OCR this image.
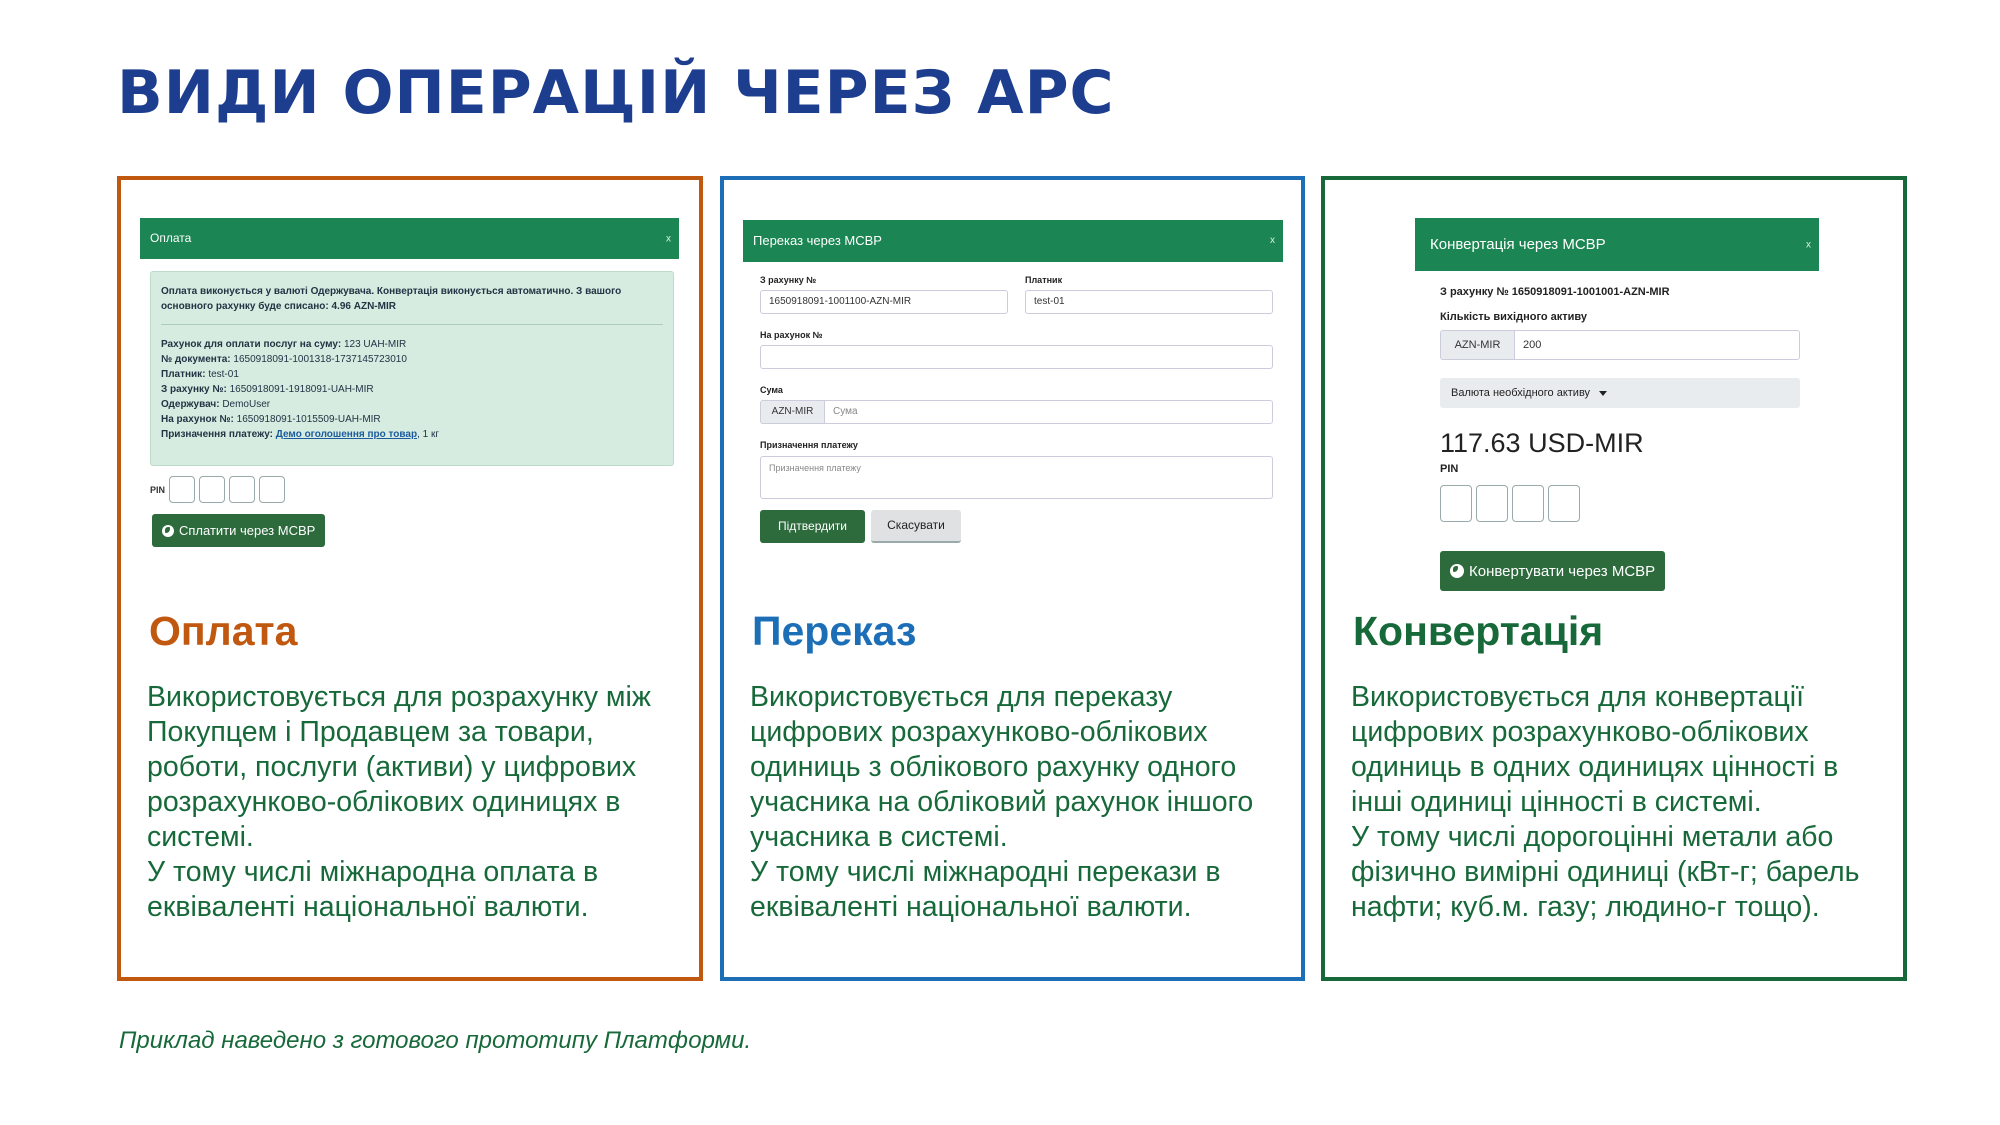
ВИДИ ОПЕРАЦІЙ ЧЕРЕЗ АРС
Оплата

Використовується для розрахунку між Покупцем і Продавцем за товари, роботи, послуги (активи) у цифрових розрахунково-облікових одиницях в системі.

У тому числі міжнародна оплата в еквіваленті національної валюти.

Переказ

Використовується для переказу цифрових розрахунково-облікових одиниць з облікового рахунку одного учасника на обліковий рахунок іншого учасника в системі.

У тому числі міжнародні перекази в еквіваленті національної валюти.

Конвертація

Використовується для конвертації цифрових розрахунково-облікових одиниць в одних одиницях цінності в інші одиниці цінності в системі.

У тому числі дорогоцінні метали або фізично вимірні одиниці (кВт-г; барель нафти; куб.м. газу; людино-г тощо).

Оплата	x
Оплата виконується у валюті Одержувача. Конвертація виконується автоматично. З вашого основного рахунку буде списано: 4.96 AZN-MIR
Рахунок для оплати послуг на суму: 123 UAH-MIR
№ документа: 1650918091-1001318-1737145723010
Платник: test-01
З рахунку №: 1650918091-1918091-UAH-MIR
Одержувач: DemoUser
На рахунок №: 1650918091-1015509-UAH-MIR
Призначення платежу: Демо оголошення про товар, 1 кг
PIN
Сплатити через МСВР
Переказ через МСВР	x
З рахунку №
1650918091-1001100-AZN-MIR
Платник
test-01
На рахунок №
Сума
AZN-MIR	Сума
Призначення платежу
Призначення платежу
Підтвердити	Скасувати
Конвертація через МСВР	x
З рахунку № 1650918091-1001001-AZN-MIR
Кількість вихідного активу
AZN-MIR	200
Валюта необхідного активу
117.63 USD-MIR
PIN
Конвертувати через МСВР

Приклад наведено з готового прототипу Платформи.
